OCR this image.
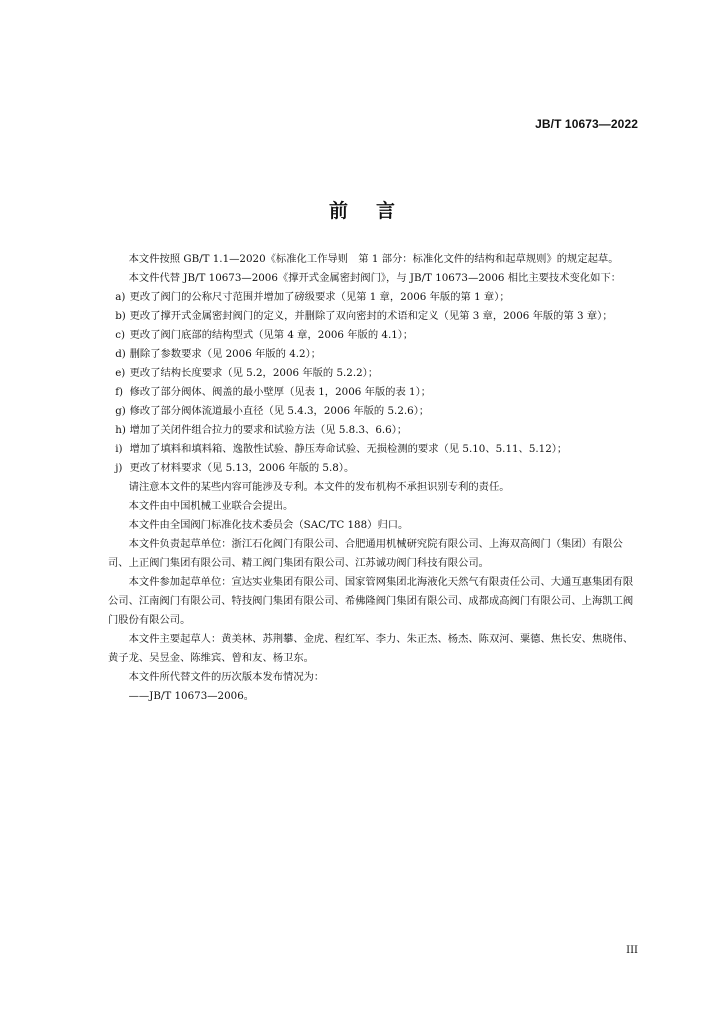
JB/T 10673—2022
前言

本文件按照 GB/T 1.1—2020《标准化工作导则　第 1 部分：标准化文件的结构和起草规则》的规定起草。

本文件代替 JB/T 10673—2006《撑开式金属密封阀门》，与 JB/T 10673—2006 相比主要技术变化如下：

a) 更改了阀门的公称尺寸范围并增加了磅级要求（见第 1 章，2006 年版的第 1 章）；

b) 更改了撑开式金属密封阀门的定义，并删除了双向密封的术语和定义（见第 3 章，2006 年版的第 3 章）；

c) 更改了阀门底部的结构型式（见第 4 章，2006 年版的 4.1）；

d) 删除了参数要求（见 2006 年版的 4.2）；

e) 更改了结构长度要求（见 5.2，2006 年版的 5.2.2）；

f) 修改了部分阀体、阀盖的最小壁厚（见表 1，2006 年版的表 1）；

g) 修改了部分阀体流道最小直径（见 5.4.3，2006 年版的 5.2.6）；

h) 增加了关闭件组合拉力的要求和试验方法（见 5.8.3、6.6）；

i) 增加了填料和填料箱、逸散性试验、静压寿命试验、无损检测的要求（见 5.10、5.11、5.12）；

j) 更改了材料要求（见 5.13，2006 年版的 5.8）。

请注意本文件的某些内容可能涉及专利。本文件的发布机构不承担识别专利的责任。

本文件由中国机械工业联合会提出。

本文件由全国阀门标准化技术委员会（SAC/TC 188）归口。

本文件负责起草单位：浙江石化阀门有限公司、合肥通用机械研究院有限公司、上海双高阀门（集团）有限公司、上正阀门集团有限公司、精工阀门集团有限公司、江苏诚功阀门科技有限公司。

本文件参加起草单位：宣达实业集团有限公司、国家管网集团北海液化天然气有限责任公司、大通互惠集团有限公司、江南阀门有限公司、特技阀门集团有限公司、希佛隆阀门集团有限公司、成都成高阀门有限公司、上海凯工阀门股份有限公司。

本文件主要起草人：黄美林、苏荆攀、金虎、程红军、李力、朱正杰、杨杰、陈双河、粟德、焦长安、焦晓伟、黄子龙、吴昱金、陈维宾、曾和友、杨卫东。

本文件所代替文件的历次版本发布情况为：

——JB/T 10673—2006。

III
